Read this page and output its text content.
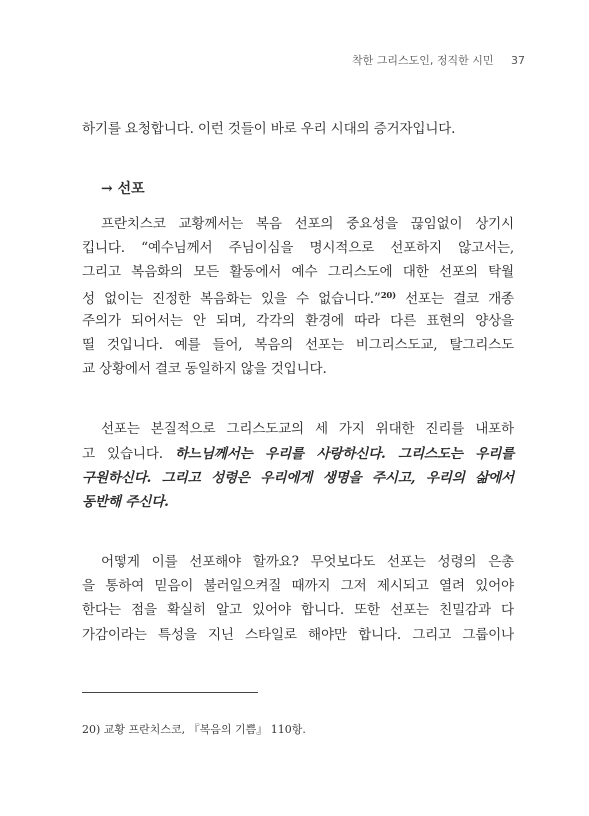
착한 그리스도인, 정직한 시민 37
하기를 요청합니다. 이런 것들이 바로 우리 시대의 증거자입니다.
→ 선포
프란치스코 교황께서는 복음 선포의 중요성을 끊임없이 상기시
킵니다. “예수님께서 주님이심을 명시적으로 선포하지 않고서는,
그리고 복음화의 모든 활동에서 예수 그리스도에 대한 선포의 탁월
성 없이는 진정한 복음화는 있을 수 없습니다.”$^{20)}$ 선포는 결코 개종
주의가 되어서는 안 되며, 각각의 환경에 따라 다른 표현의 양상을
띨 것입니다. 예를 들어, 복음의 선포는 비그리스도교, 탈그리스도
교 상황에서 결코 동일하지 않을 것입니다.
선포는 본질적으로 그리스도교의 세 가지 위대한 진리를 내포하
고 있습니다. 하느님께서는 우리를 사랑하신다. 그리스도는 우리를
구원하신다. 그리고 성령은 우리에게 생명을 주시고, 우리의 삶에서
동반해 주신다.
어떻게 이를 선포해야 할까요? 무엇보다도 선포는 성령의 은총
을 통하여 믿음이 불러일으켜질 때까지 그저 제시되고 열려 있어야
한다는 점을 확실히 알고 있어야 합니다. 또한 선포는 친밀감과 다
가감이라는 특성을 지닌 스타일로 해야만 합니다. 그리고 그룹이나
20) 교황 프란치스코, 『복음의 기쁨』 110항.
